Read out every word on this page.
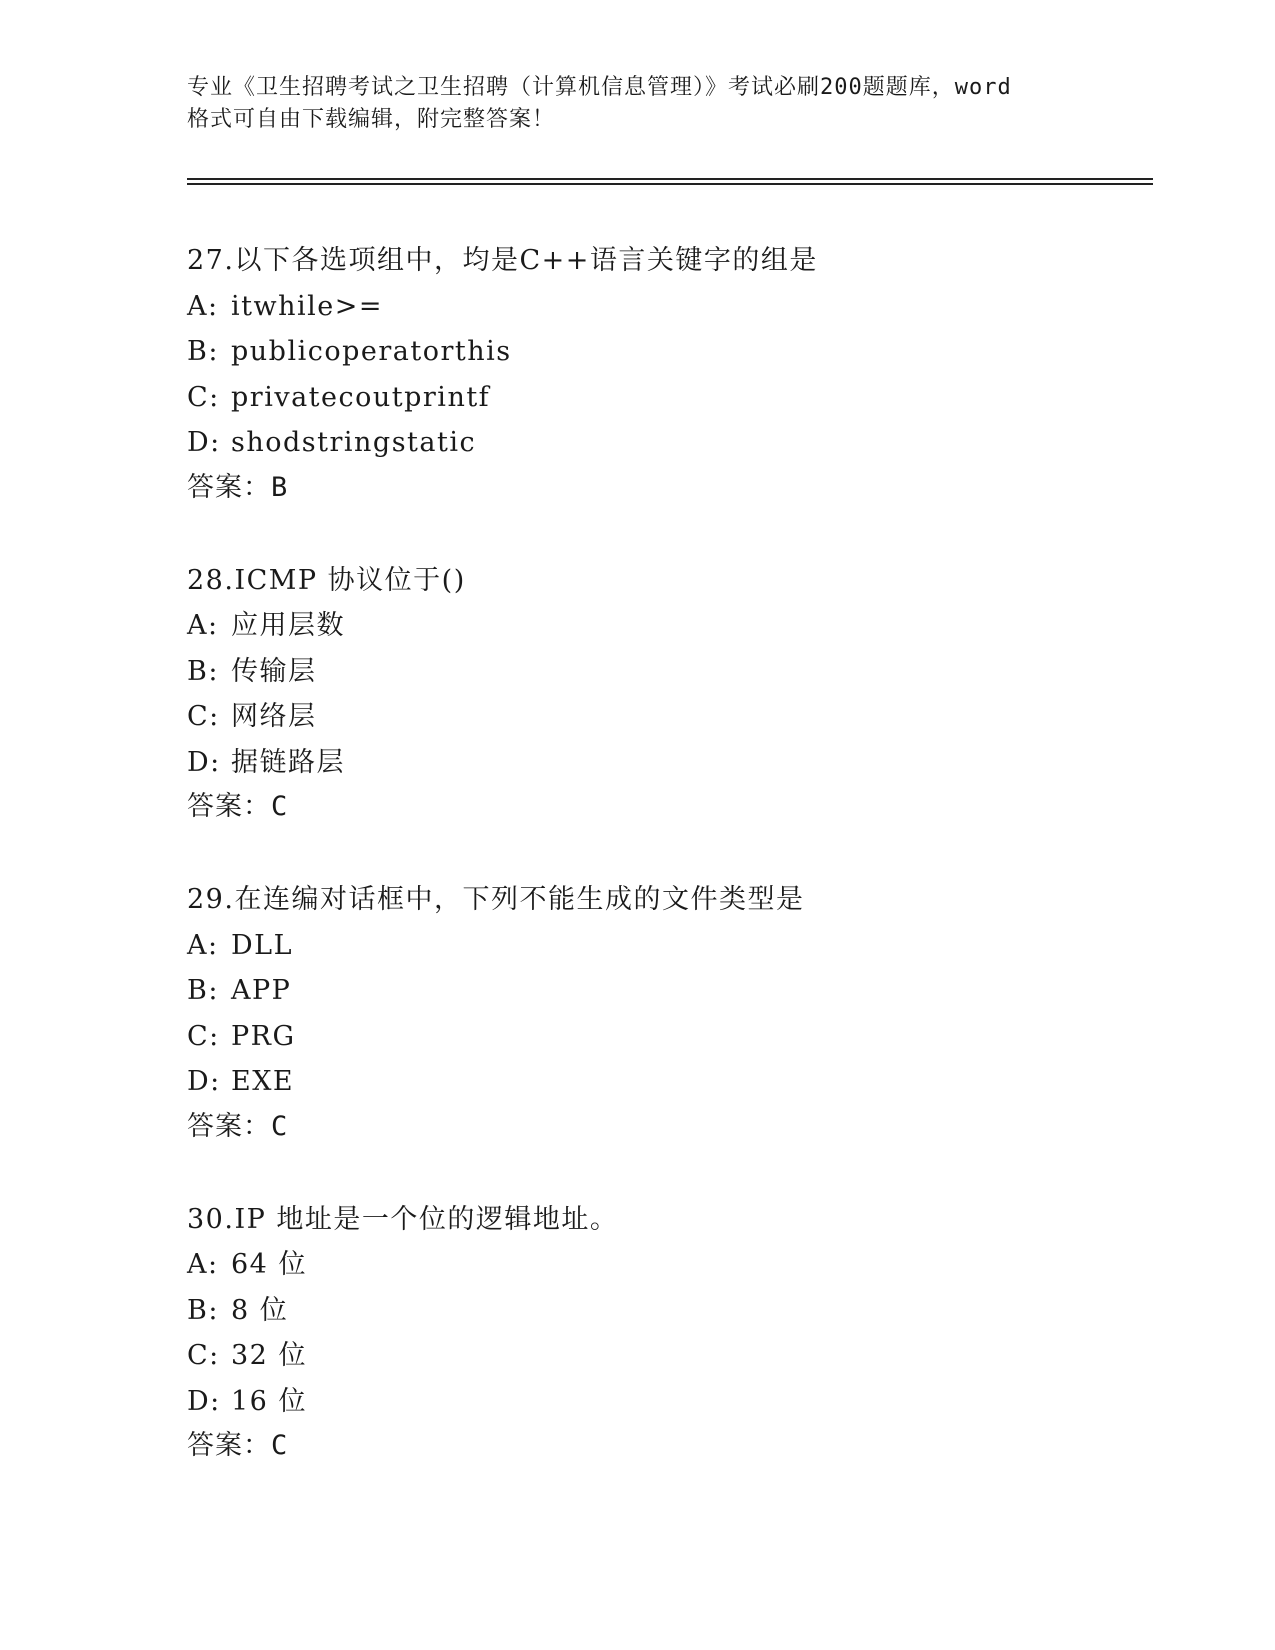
专业《卫生招聘考试之卫生招聘（计算机信息管理）》考试必刷200题题库，word
格式可自由下载编辑，附完整答案！
27.以下各选项组中，均是C++语言关键字的组是
A: itwhile>=
B: publicoperatorthis
C: privatecoutprintf
D: shodstringstatic
答案：B
28.ICMP 协议位于()
A: 应用层数
B: 传输层
C: 网络层
D: 据链路层
答案：C
29.在连编对话框中，下列不能生成的文件类型是
A: DLL
B: APP
C: PRG
D: EXE
答案：C
30.IP 地址是一个位的逻辑地址。
A: 64 位
B: 8 位
C: 32 位
D: 16 位
答案：C
